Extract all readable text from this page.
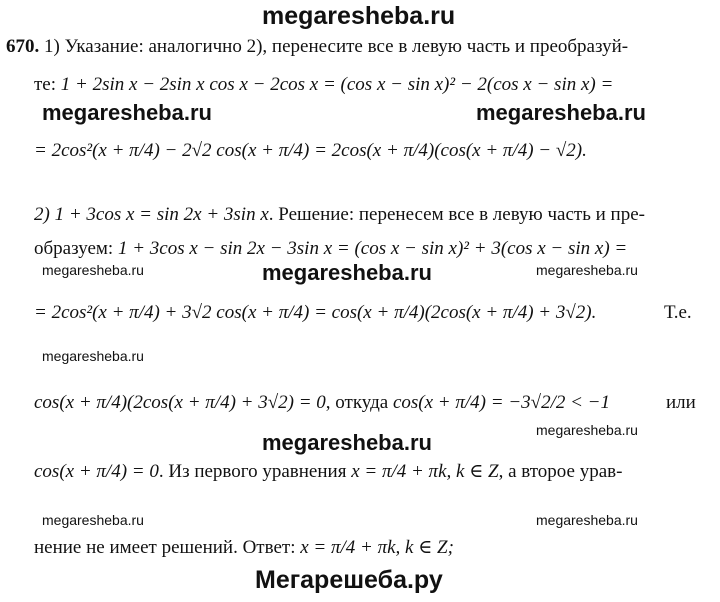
megaresheba.ru
670. 1) Указание: аналогично 2), перенесите все в левую часть и преобразуй-
те: 1 + 2sin x − 2sin x cos x − 2cos x = (cos x − sin x)² − 2(cos x − sin x) =
megaresheba.ru	megaresheba.ru
= 2cos²(x + π/4) − 2√2 cos(x + π/4) = 2cos(x + π/4)(cos(x + π/4) − √2).
2) 1 + 3cos x = sin 2x + 3sin x. Решение: перенесем все в левую часть и пре-
образуем: 1 + 3cos x − sin 2x − 3sin x = (cos x − sin x)² + 3(cos x − sin x) =
megaresheba.ru	megaresheba.ru	megaresheba.ru
= 2cos²(x + π/4) + 3√2 cos(x + π/4) = cos(x + π/4)(2cos(x + π/4) + 3√2).	Т.е.
megaresheba.ru
cos(x + π/4)(2cos(x + π/4) + 3√2) = 0, откуда cos(x + π/4) = −3√2/2 < −1	или
megaresheba.ru	megaresheba.ru
cos(x + π/4) = 0. Из первого уравнения x = π/4 + πk, k ∈ Z, а второе урав-
megaresheba.ru	megaresheba.ru
нение не имеет решений. Ответ: x = π/4 + πk, k ∈ Z;
Мегарешеба.ру
